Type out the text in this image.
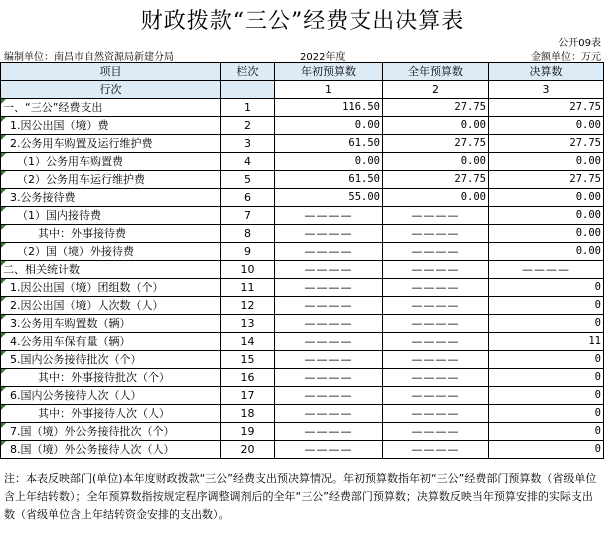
财政拨款“三公”经费支出决算表
公开09表
编制单位：南昌市自然资源局新建分局	2022年度	金额单位：万元
项目	栏次	年初预算数	全年预算数	决算数
行次		1	2	3
一、“三公”经费支出	1	116.50	27.75	27.75
1.因公出国（境）费	2	0.00	0.00	0.00
2.公务用车购置及运行维护费	3	61.50	27.75	27.75
（1）公务用车购置费	4	0.00	0.00	0.00
（2）公务用车运行维护费	5	61.50	27.75	27.75
3.公务接待费	6	55.00	0.00	0.00
（1）国内接待费	7	————	————	0.00
其中：外事接待费	8	————	————	0.00
（2）国（境）外接待费	9	————	————	0.00
二、相关统计数	10	————	————	————
1.因公出国（境）团组数（个）	11	————	————	0
2.因公出国（境）人次数（人）	12	————	————	0
3.公务用车购置数（辆）	13	————	————	0
4.公务用车保有量（辆）	14	————	————	11
5.国内公务接待批次（个）	15	————	————	0
其中：外事接待批次（个）	16	————	————	0
6.国内公务接待人次（人）	17	————	————	0
其中：外事接待人次（人）	18	————	————	0
7.国（境）外公务接待批次（个）	19	————	————	0
8.国（境）外公务接待人次（人）	20	————	————	0
注：本表反映部门(单位)本年度财政拨款“三公”经费支出预决算情况。年初预算数指年初“三公”经费部门预算数（省级单位含上年结转数）；全年预算数指按规定程序调整调剂后的全年“三公”经费部门预算数；决算数反映当年预算安排的实际支出数（省级单位含上年结转资金安排的支出数）。
